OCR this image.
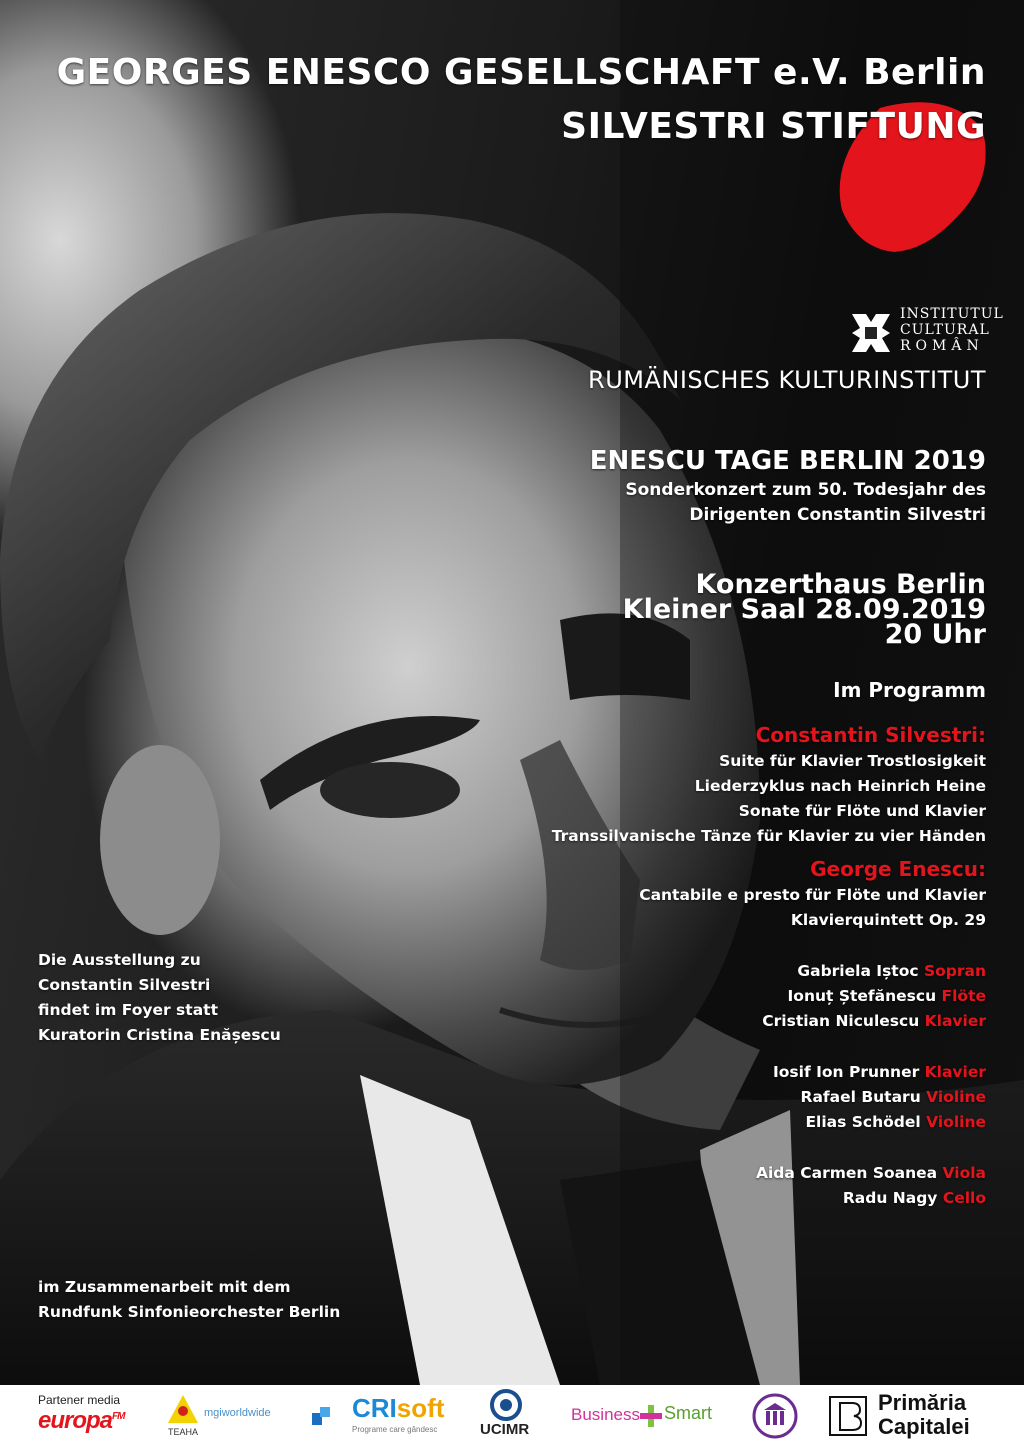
GEORGES ENESCO GESELLSCHAFT e.V. Berlin
SILVESTRI STIFTUNG
INSTITUTUL
CULTURAL
ROMÂN
RUMÄNISCHES KULTURINSTITUT
ENESCU TAGE BERLIN 2019
Sonderkonzert zum 50. Todesjahr des
Dirigenten Constantin Silvestri
Konzerthaus Berlin
Kleiner Saal 28.09.2019
20 Uhr
Im Programm
Constantin Silvestri:
Suite für Klavier Trostlosigkeit
Liederzyklus nach Heinrich Heine
Sonate für Flöte und Klavier
Transsilvanische Tänze für Klavier zu vier Händen
George Enescu:
Cantabile e presto für Flöte und Klavier
Klavierquintett Op. 29
Gabriela Iștoc Sopran
Ionuț Ștefănescu Flöte
Cristian Niculescu Klavier
Iosif Ion Prunner Klavier
Rafael Butaru Violine
Elias Schödel Violine
Aida Carmen Soanea Viola
Radu Nagy Cello
Die Ausstellung zu
Constantin Silvestri
findet im Foyer statt
Kuratorin Cristina Enășescu
im Zusammenarbeit mit dem
Rundfunk Sinfonieorchester Berlin
Partener media
europa$^{FM}$
TEAHA
mgiworldwide	CRIsoft
Programe care gândesc	UCIMR
Business Smart	Primăria
Capitalei
